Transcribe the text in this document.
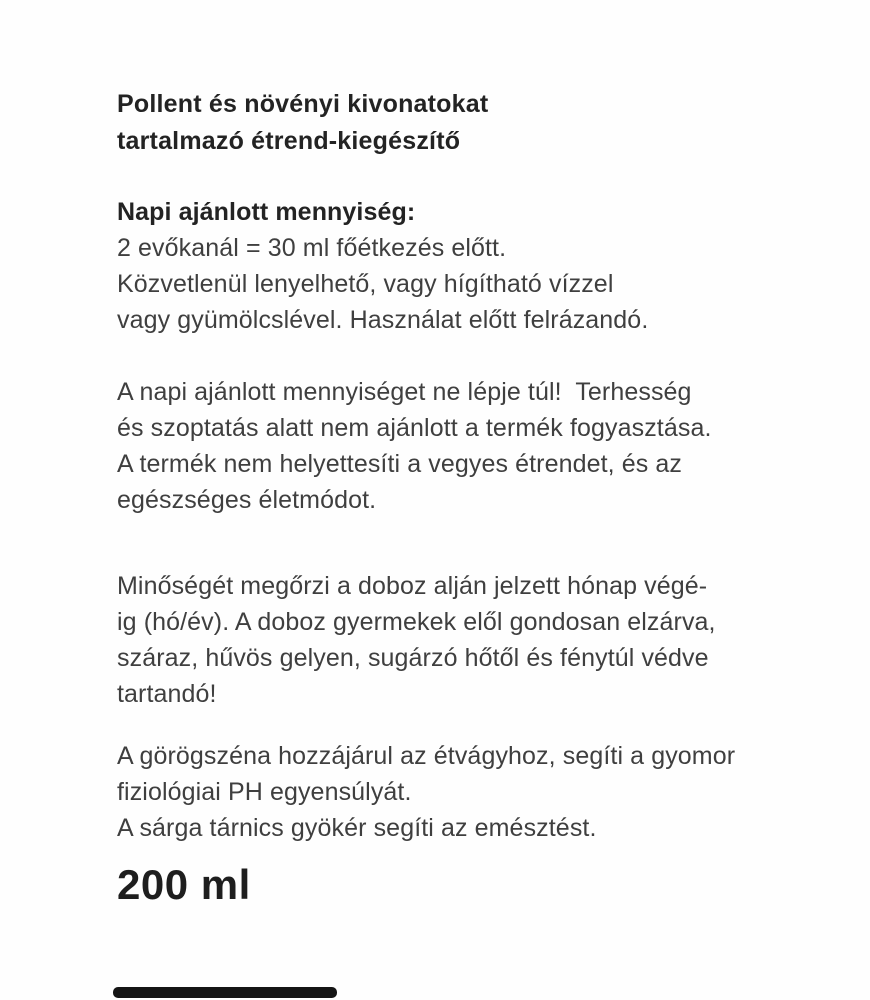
Pollent és növényi kivonatokat
tartalmazó étrend-kiegészítő
Napi ajánlott mennyiség:
2 evőkanál = 30 ml főétkezés előtt.
Közvetlenül lenyelhető, vagy hígítható vízzel
vagy gyümölcslével. Használat előtt felrázandó.
A napi ajánlott mennyiséget ne lépje túl!  Terhesség
és szoptatás alatt nem ajánlott a termék fogyasztása.
A termék nem helyettesíti a vegyes étrendet, és az
egészséges életmódot.
Minőségét megőrzi a doboz alján jelzett hónap végé-
ig (hó/év). A doboz gyermekek elől gondosan elzárva,
száraz, hűvös gelyen, sugárzó hőtől és fénytúl védve
tartandó!
A görögszéna hozzájárul az étvágyhoz, segíti a gyomor
fiziológiai PH egyensúlyát.
A sárga tárnics gyökér segíti az emésztést.
200 ml
